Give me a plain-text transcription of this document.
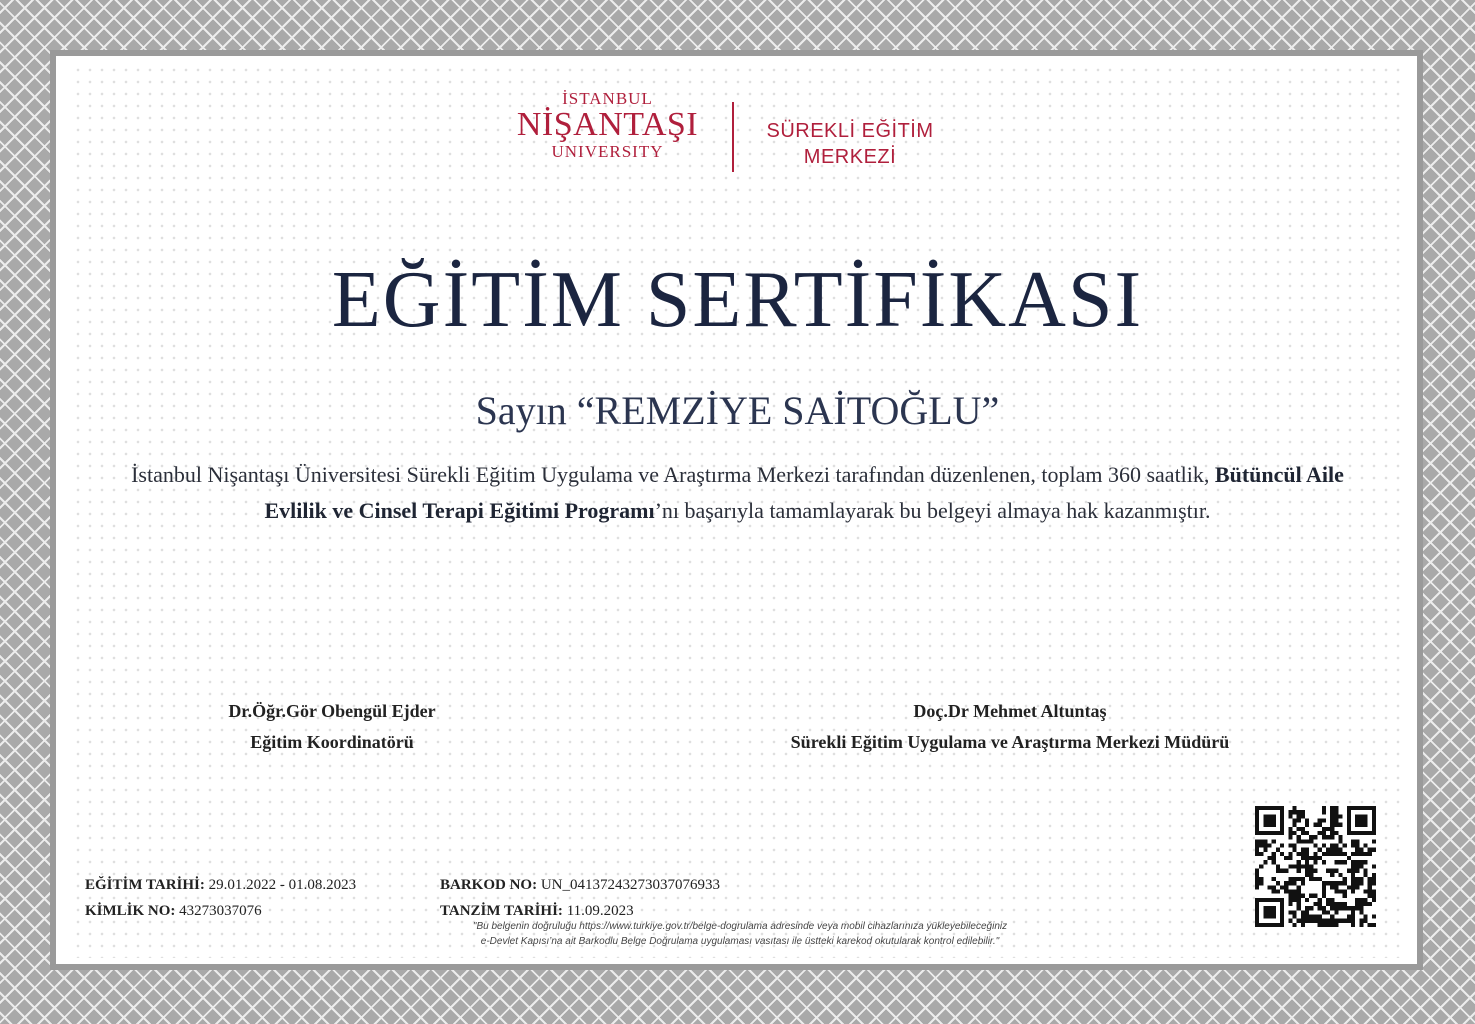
İSTANBUL
NİŞANTAŞI
UNIVERSITY
SÜREKLİ EĞİTİM
MERKEZİ
EĞİTİM SERTİFİKASI
Sayın “REMZİYE SAİTOĞLU”
İstanbul Nişantaşı Üniversitesi Sürekli Eğitim Uygulama ve Araştırma Merkezi tarafından düzenlenen, toplam 360 saatlik, Bütüncül Aile Evlilik ve Cinsel Terapi Eğitimi Programı’nı başarıyla tamamlayarak bu belgeyi almaya hak kazanmıştır.
Dr.Öğr.Gör Obengül Ejder
Eğitim Koordinatörü
Doç.Dr Mehmet Altuntaş
Sürekli Eğitim Uygulama ve Araştırma Merkezi Müdürü
EĞİTİM TARİHİ: 29.01.2022 - 01.08.2023	BARKOD NO: UN_04137243273037076933
KİMLİK NO: 43273037076	TANZİM TARİHİ: 11.09.2023
"Bu belgenin doğruluğu https://www.turkiye.gov.tr/belge-dogrulama adresinde veya mobil cihazlarınıza yükleyebileceğiniz
e-Devlet Kapısı’na ait Barkodlu Belge Doğrulama uygulaması vasıtası ile üstteki karekod okutularak kontrol edilebilir."
